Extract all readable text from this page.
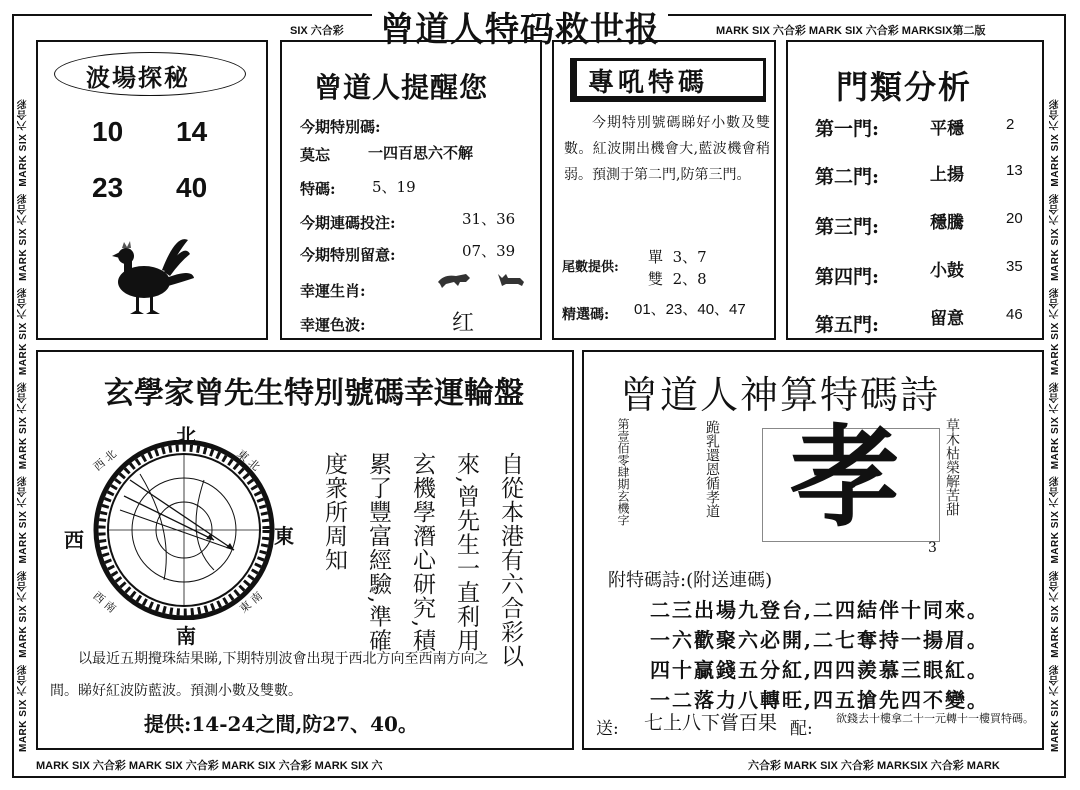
SIX 六合彩 曾道人特码救世报	MARK SIX 六合彩 MARK SIX 六合彩 MARKSIX第二版
MARK SIX 六合彩  MARK SIX 六合彩  MARK SIX 六合彩  MARK SIX 六合彩  MARK SIX 六合彩  MARK SIX 六合彩  MARK SIX 六合彩
MARK SIX 六合彩  MARK SIX 六合彩  MARK SIX 六合彩  MARK SIX 六合彩  MARK SIX 六合彩  MARK SIX 六合彩  MARK SIX 六合彩
MARK SIX 六合彩 MARK SIX 六合彩 MARK SIX 六合彩 MARK SIX 六	六合彩 MARK SIX 六合彩 MARKSIX 六合彩 MARK
波場探秘
10 14
23 40
曾道人提醒您
今期特別碼:
莫忘	一四百思六不解
特碼: 5、19
今期連碼投注:	31、36
今期特別留意:	07、39
幸運生肖:
幸運色波:	红
專吼特碼
今期特別號碼睇好小數及雙數。紅波開出機會大,藍波機會稍弱。預測于第二門,防第三門。
尾數提供:
單 3、7
雙 2、8
精選碼: 01、23、40、47
門類分析
第一門:	平穩	2
第二門:	上揚	13
第三門:	穩騰	20
第四門:	小鼓	35
第五門:	留意	46
玄學家曾先生特別號碼幸運輪盤
北
南
東
西
西 北	東 北
西 南	東 南	自從本港有六合彩以
來,曾先生一直利用
玄機學潛心研究,積
累了豐富經驗,準確
度衆所周知
以最近五期攪珠結果睇,下期特別波會出現于西北方向至西南方向之
間。睇好紅波防藍波。預測小數及雙數。
提供:14-24之間,防27、40。
曾道人神算特碼詩
第壹佰零肆期玄機字	跪乳還恩循孝道 孝	草木枯榮解苦甜
3
附特碼詩:(附送連碼)
二三出場九登台,二四結伴十同來。
一六歡聚六必開,二七奪持一揚眉。
四十贏錢五分紅,四四羨慕三眼紅。
一二落力八轉旺,四五搶先四不變。
送: 七上八下嘗百果 配:
欲錢去十樓拿二十一元轉十一樓買特碼。
